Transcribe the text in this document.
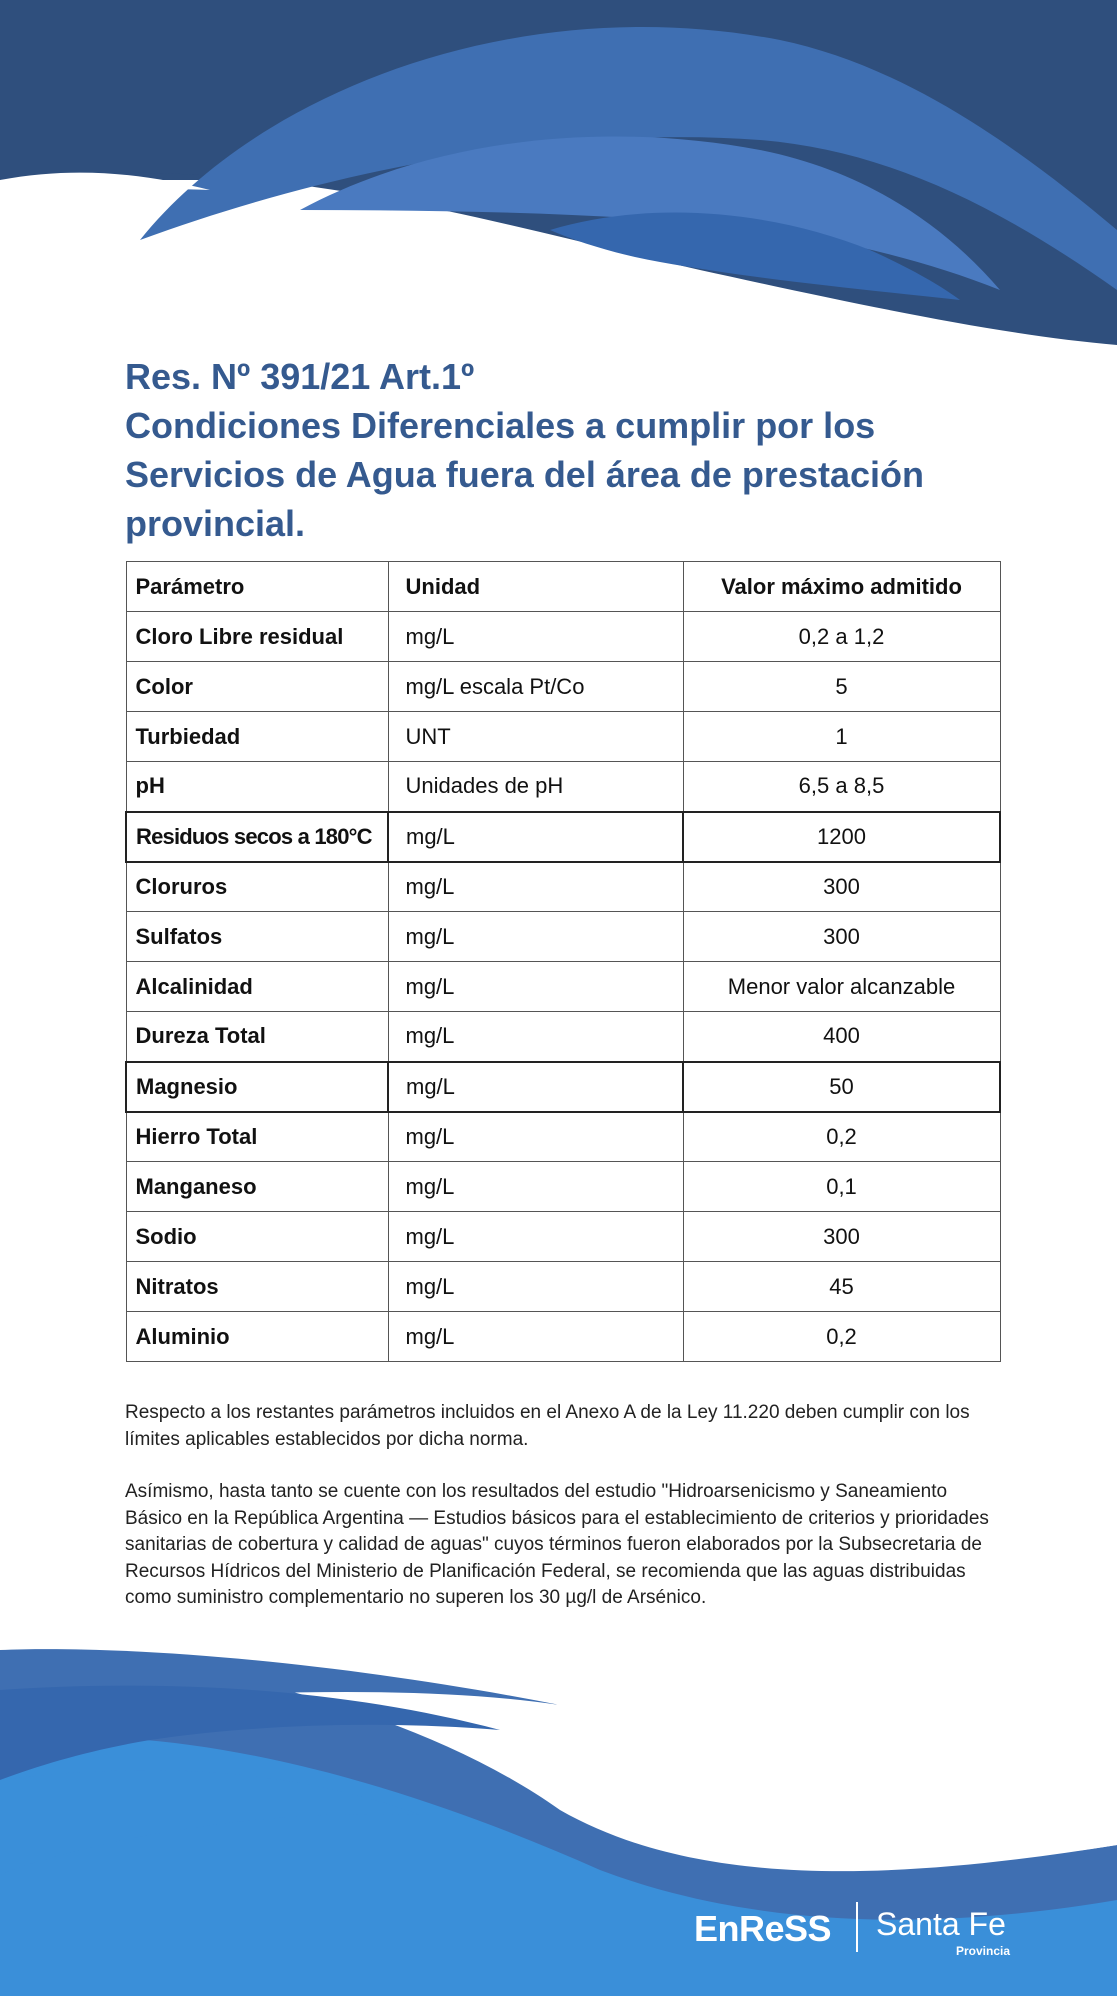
Res. Nº 391/21 Art.1º
Condiciones Diferenciales a cumplir por los
Servicios de Agua fuera del área de prestación
provincial.
Parámetro	Unidad	Valor máximo admitido
Cloro Libre residual	mg/L	0,2 a 1,2
Color	mg/L escala Pt/Co	5
Turbiedad	UNT	1
pH	Unidades de pH	6,5 a 8,5
Residuos secos a 180°C	mg/L	1200
Cloruros	mg/L	300
Sulfatos	mg/L	300
Alcalinidad	mg/L	Menor valor alcanzable
Dureza Total	mg/L	400
Magnesio	mg/L	50
Hierro Total	mg/L	0,2
Manganeso	mg/L	0,1
Sodio	mg/L	300
Nitratos	mg/L	45
Aluminio	mg/L	0,2

Respecto a los restantes parámetros incluidos en el Anexo A de la Ley 11.220 deben cumplir con los límites aplicables establecidos por dicha norma.

Asímismo, hasta tanto se cuente con los resultados del estudio "Hidroarsenicismo y Saneamiento Básico en la República Argentina — Estudios básicos para el establecimiento de criterios y prioridades sanitarias de cobertura y calidad de aguas" cuyos términos fueron elaborados por la Subsecretaria de Recursos Hídricos del Ministerio de Planificación Federal, se recomienda que las aguas distribuidas como suministro complementario no superen los 30 µg/l de Arsénico.

EnReSS Santa Fe
Provincia
